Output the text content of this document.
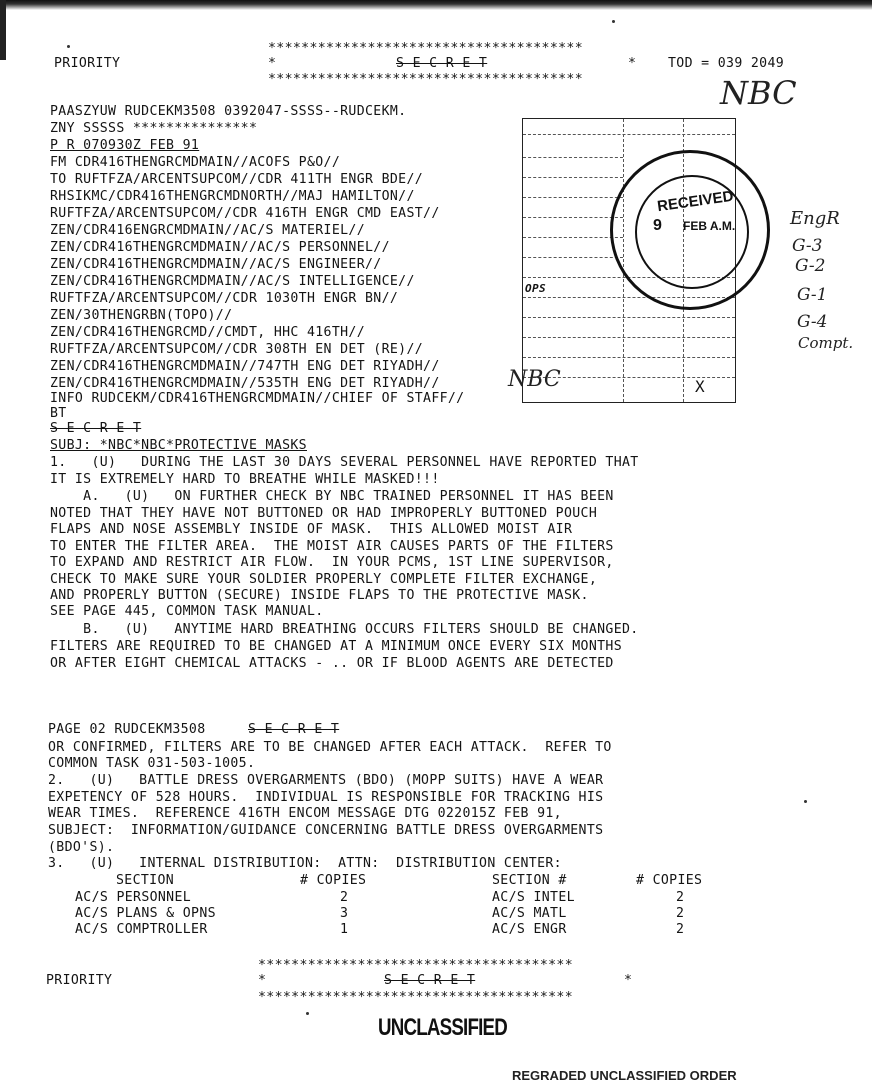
**************************************
PRIORITY	*	S E C R E T	* TOD = 039 2049
**************************************	NBC
OPS
X
RECEIVED
9 FEB A.M.	EngR
G-3
G-2
G-1
G-4
Compt.
PAASZYUW RUDCEKM3508 0392047-SSSS--RUDCEKM.
ZNY SSSSS ***************
P R 070930Z FEB 91
FM CDR416THENGRCMDMAIN//ACOFS P&O//
TO RUFTFZA/ARCENTSUPCOM//CDR 411TH ENGR BDE//
RHSIKMC/CDR416THENGRCMDNORTH//MAJ HAMILTON//
RUFTFZA/ARCENTSUPCOM//CDR 416TH ENGR CMD EAST//
ZEN/CDR416ENGRCMDMAIN//AC/S MATERIEL//
ZEN/CDR416THENGRCMDMAIN//AC/S PERSONNEL//
ZEN/CDR416THENGRCMDMAIN//AC/S ENGINEER//
ZEN/CDR416THENGRCMDMAIN//AC/S INTELLIGENCE//
RUFTFZA/ARCENTSUPCOM//CDR 1030TH ENGR BN//
ZEN/30THENGRBN(TOPO)//
ZEN/CDR416THENGRCMD//CMDT, HHC 416TH//
RUFTFZA/ARCENTSUPCOM//CDR 308TH EN DET (RE)//
ZEN/CDR416THENGRCMDMAIN//747TH ENG DET RIYADH//
ZEN/CDR416THENGRCMDMAIN//535TH ENG DET RIYADH//
INFO RUDCEKM/CDR416THENGRCMDMAIN//CHIEF OF STAFF//
BT
S E C R E T
NBC
SUBJ: *NBC*NBC*PROTECTIVE MASKS
1.   (U)   DURING THE LAST 30 DAYS SEVERAL PERSONNEL HAVE REPORTED THAT
IT IS EXTREMELY HARD TO BREATHE WHILE MASKED!!!
A.   (U)   ON FURTHER CHECK BY NBC TRAINED PERSONNEL IT HAS BEEN
NOTED THAT THEY HAVE NOT BUTTONED OR HAD IMPROPERLY BUTTONED POUCH
FLAPS AND NOSE ASSEMBLY INSIDE OF MASK.  THIS ALLOWED MOIST AIR
TO ENTER THE FILTER AREA.  THE MOIST AIR CAUSES PARTS OF THE FILTERS
TO EXPAND AND RESTRICT AIR FLOW.  IN YOUR PCMS, 1ST LINE SUPERVISOR,
CHECK TO MAKE SURE YOUR SOLDIER PROPERLY COMPLETE FILTER EXCHANGE,
AND PROPERLY BUTTON (SECURE) INSIDE FLAPS TO THE PROTECTIVE MASK.
SEE PAGE 445, COMMON TASK MANUAL.
B.   (U)   ANYTIME HARD BREATHING OCCURS FILTERS SHOULD BE CHANGED.
FILTERS ARE REQUIRED TO BE CHANGED AT A MINIMUM ONCE EVERY SIX MONTHS
OR AFTER EIGHT CHEMICAL ATTACKS - .. OR IF BLOOD AGENTS ARE DETECTED
PAGE 02 RUDCEKM3508	S E C R E T
OR CONFIRMED, FILTERS ARE TO BE CHANGED AFTER EACH ATTACK.  REFER TO
COMMON TASK 031-503-1005.
2.   (U)   BATTLE DRESS OVERGARMENTS (BDO) (MOPP SUITS) HAVE A WEAR
EXPETENCY OF 528 HOURS.  INDIVIDUAL IS RESPONSIBLE FOR TRACKING HIS
WEAR TIMES.  REFERENCE 416TH ENCOM MESSAGE DTG 022015Z FEB 91,
SUBJECT:  INFORMATION/GUIDANCE CONCERNING BATTLE DRESS OVERGARMENTS
(BDO'S).
3.   (U)   INTERNAL DISTRIBUTION:  ATTN:  DISTRIBUTION CENTER:
SECTION	# COPIES	SECTION #	# COPIES
AC/S PERSONNEL	2	AC/S INTEL	2
AC/S PLANS & OPNS	3	AC/S MATL	2
AC/S COMPTROLLER	1	AC/S ENGR	2
**************************************
PRIORITY	*	S E C R E T	*
**************************************
UNCLASSIFIED
REGRADED UNCLASSIFIED ORDER
